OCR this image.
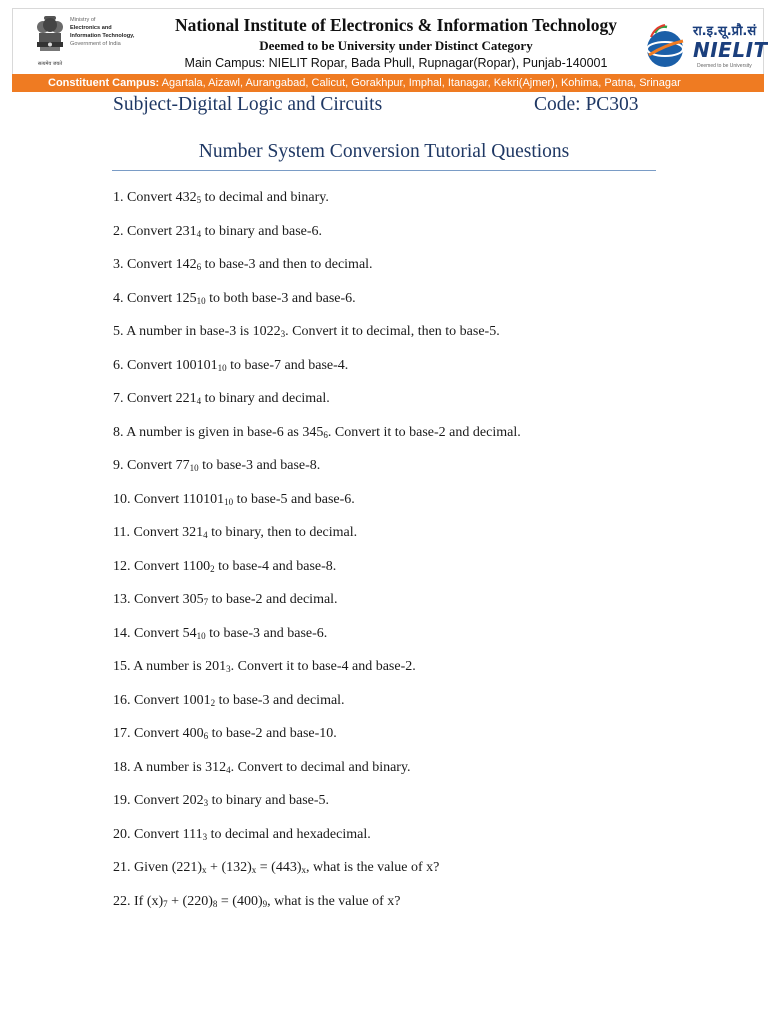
सत्यमेव जयते
Ministry of
Electronics and
Information Technology,
Government of India
National Institute of Electronics & Information Technology
Deemed to be University under Distinct Category
Main Campus: NIELIT Ropar, Bada Phull, Rupnagar(Ropar), Punjab-140001
रा.इ.सू.प्रौ.सं
NIELIT
Deemed to be University
Constituent Campus: Agartala, Aizawl, Aurangabad, Calicut, Gorakhpur, Imphal, Itanagar, Kekri(Ajmer), Kohima, Patna, Srinagar
Subject-Digital Logic and Circuits	Code: PC303
Number System Conversion Tutorial Questions
1. Convert $432_5$ to decimal and binary.
2. Convert $231_4$ to binary and base-6.
3. Convert $142_6$ to base-3 and then to decimal.
4. Convert $125_{10}$ to both base-3 and base-6.
5. A number in base-3 is $1022_3$. Convert it to decimal, then to base-5.
6. Convert $100101_{10}$ to base-7 and base-4.
7. Convert $221_4$ to binary and decimal.
8. A number is given in base-6 as $345_6$. Convert it to base-2 and decimal.
9. Convert $77_{10}$ to base-3 and base-8.
10. Convert $110101_{10}$ to base-5 and base-6.
11. Convert $321_4$ to binary, then to decimal.
12. Convert $1100_2$ to base-4 and base-8.
13. Convert $305_7$ to base-2 and decimal.
14. Convert $54_{10}$ to base-3 and base-6.
15. A number is $201_3$. Convert it to base-4 and base-2.
16. Convert $1001_2$ to base-3 and decimal.
17. Convert $400_6$ to base-2 and base-10.
18. A number is $312_4$. Convert to decimal and binary.
19. Convert $202_3$ to binary and base-5.
20. Convert $111_3$ to decimal and hexadecimal.
21. Given $(221)_x + (132)_x = (443)_x$, what is the value of x?
22. If $(x)_7 + (220)_8 = (400)_9$, what is the value of x?
